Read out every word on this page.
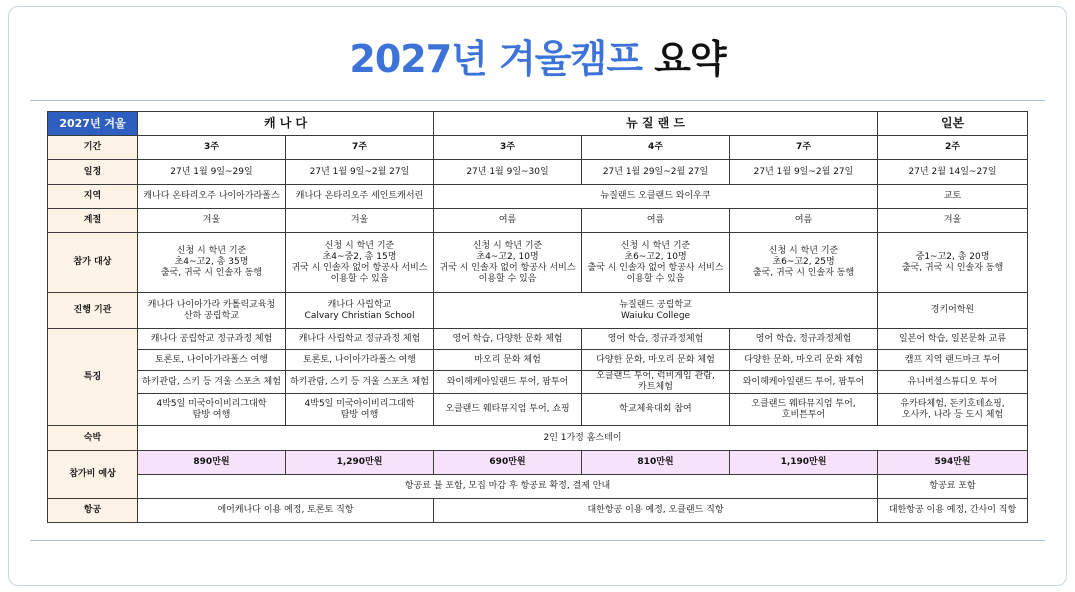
2027년 겨울캠프 요약
2027년 겨울	캐 나 다		뉴 질 랜 드			일본
기간	3주	7주	3주	4주	7주	2주
일정	27년 1월 9일~29일	27년 1월 9일~2월 27일	27년 1월 9일~30일	27년 1월 29일~2월 27일	27년 1월 9일~2월 27일	27년 2월 14일~27일
지역	캐나다 온타리오주 나이아가라폴스	캐나다 온타리오주 세인트캐서린	뉴질랜드 오클랜드 와이우쿠			교토
계절	겨울	겨울	여름	여름	여름	겨울
참가 대상	신청 시 학년 기준
초4~고2, 총 35명
출국, 귀국 시 인솔자 동행	신청 시 학년 기준
초4~중2, 총 15명
귀국 시 인솔자 없어 항공사 서비스
이용할 수 있음	신청 시 학년 기준
초4~고2, 10명
귀국 시 인솔자 없어 항공사 서비스
이용할 수 있음	신청 시 학년 기준
초6~고2, 10명
출국 시 인솔자 없어 항공사 서비스
이용할 수 있음	신청 시 학년 기준
초6~고2, 25명
출국, 귀국 시 인솔자 동행	중1~고2, 총 20명
출국, 귀국 시 인솔자 동행
진행 기관	캐나다 나이아가라 카톨릭교육청
산하 공립학교	캐나다 사립학교
Calvary Christian School	뉴질랜드 공립학교
Waiuku College			경키어학원
특징	캐나다 공립학교 정규과정 체험	캐나다 사립학교 정규과정 체험	영어 학습, 다양한 문화 체험	영어 학습, 정규과정체험	영어 학습, 정규과정체험	일본어 학습, 일본문화 교류
	토론토, 나이아가라폴스 여행	토론토, 나이아가라폴스 여행	마오리 문화 체험	다양한 문화, 마오리 문화 체험	다양한 문화, 마오리 문화 체험	캠프 지역 랜드마크 투어
	하키관람, 스키 등 겨울 스포츠 체험	하키관람, 스키 등 겨울 스포츠 체험	와이헤케아일랜드 투어, 팜투어	오클랜드 투어, 럭비게임 관람,
카트체험	와이헤케아일랜드 투어, 팜투어	유니버셜스튜디오 투어
	4박5일 미국아이비리그대학
탐방 여행	4박5일 미국아이비리그대학
탐방 여행	오클랜드 웨타뮤지엄 투어, 쇼핑	학교체육대회 참여	오클랜드 웨타뮤지엄 투어,
호비튼투어	유카타체험, 돈키호테쇼핑,
오사카, 나라 등 도시 체험
숙박	2인 1가정 홈스테이					
참가비 예상	890만원	1,290만원	690만원	810만원	1,190만원	594만원
	항공료 불 포함, 모집 마감 후 항공료 확정, 결제 안내					항공료 포함
항공	에어캐나다 이용 예정, 토론토 직항		대한항공 이용 예정, 오클랜드 직항			대한항공 이용 예정, 간사이 직항
